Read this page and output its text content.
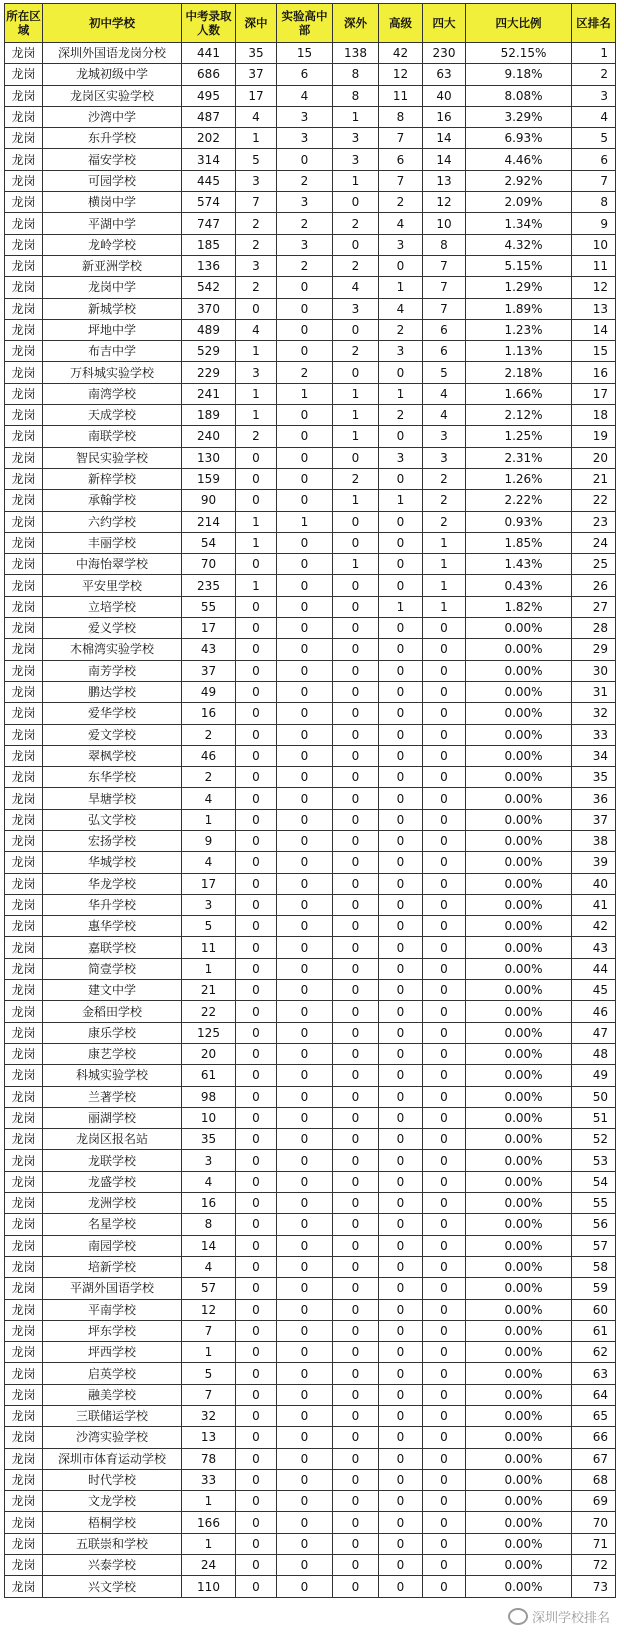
所在区域	初中学校	中考录取人数	深中	实验高中部	深外	高级	四大	四大比例	区排名
龙岗	深圳外国语龙岗分校	441	35	15	138	42	230	52.15%	1
龙岗	龙城初级中学	686	37	6	8	12	63	9.18%	2
龙岗	龙岗区实验学校	495	17	4	8	11	40	8.08%	3
龙岗	沙湾中学	487	4	3	1	8	16	3.29%	4
龙岗	东升学校	202	1	3	3	7	14	6.93%	5
龙岗	福安学校	314	5	0	3	6	14	4.46%	6
龙岗	可园学校	445	3	2	1	7	13	2.92%	7
龙岗	横岗中学	574	7	3	0	2	12	2.09%	8
龙岗	平湖中学	747	2	2	2	4	10	1.34%	9
龙岗	龙岭学校	185	2	3	0	3	8	4.32%	10
龙岗	新亚洲学校	136	3	2	2	0	7	5.15%	11
龙岗	龙岗中学	542	2	0	4	1	7	1.29%	12
龙岗	新城学校	370	0	0	3	4	7	1.89%	13
龙岗	坪地中学	489	4	0	0	2	6	1.23%	14
龙岗	布吉中学	529	1	0	2	3	6	1.13%	15
龙岗	万科城实验学校	229	3	2	0	0	5	2.18%	16
龙岗	南湾学校	241	1	1	1	1	4	1.66%	17
龙岗	天成学校	189	1	0	1	2	4	2.12%	18
龙岗	南联学校	240	2	0	1	0	3	1.25%	19
龙岗	智民实验学校	130	0	0	0	3	3	2.31%	20
龙岗	新梓学校	159	0	0	2	0	2	1.26%	21
龙岗	承翰学校	90	0	0	1	1	2	2.22%	22
龙岗	六约学校	214	1	1	0	0	2	0.93%	23
龙岗	丰丽学校	54	1	0	0	0	1	1.85%	24
龙岗	中海怡翠学校	70	0	0	1	0	1	1.43%	25
龙岗	平安里学校	235	1	0	0	0	1	0.43%	26
龙岗	立培学校	55	0	0	0	1	1	1.82%	27
龙岗	爱义学校	17	0	0	0	0	0	0.00%	28
龙岗	木棉湾实验学校	43	0	0	0	0	0	0.00%	29
龙岗	南芳学校	37	0	0	0	0	0	0.00%	30
龙岗	鹏达学校	49	0	0	0	0	0	0.00%	31
龙岗	爱华学校	16	0	0	0	0	0	0.00%	32
龙岗	爱文学校	2	0	0	0	0	0	0.00%	33
龙岗	翠枫学校	46	0	0	0	0	0	0.00%	34
龙岗	东华学校	2	0	0	0	0	0	0.00%	35
龙岗	旱塘学校	4	0	0	0	0	0	0.00%	36
龙岗	弘文学校	1	0	0	0	0	0	0.00%	37
龙岗	宏扬学校	9	0	0	0	0	0	0.00%	38
龙岗	华城学校	4	0	0	0	0	0	0.00%	39
龙岗	华龙学校	17	0	0	0	0	0	0.00%	40
龙岗	华升学校	3	0	0	0	0	0	0.00%	41
龙岗	惠华学校	5	0	0	0	0	0	0.00%	42
龙岗	嘉联学校	11	0	0	0	0	0	0.00%	43
龙岗	简壹学校	1	0	0	0	0	0	0.00%	44
龙岗	建文中学	21	0	0	0	0	0	0.00%	45
龙岗	金稻田学校	22	0	0	0	0	0	0.00%	46
龙岗	康乐学校	125	0	0	0	0	0	0.00%	47
龙岗	康艺学校	20	0	0	0	0	0	0.00%	48
龙岗	科城实验学校	61	0	0	0	0	0	0.00%	49
龙岗	兰著学校	98	0	0	0	0	0	0.00%	50
龙岗	丽湖学校	10	0	0	0	0	0	0.00%	51
龙岗	龙岗区报名站	35	0	0	0	0	0	0.00%	52
龙岗	龙联学校	3	0	0	0	0	0	0.00%	53
龙岗	龙盛学校	4	0	0	0	0	0	0.00%	54
龙岗	龙洲学校	16	0	0	0	0	0	0.00%	55
龙岗	名星学校	8	0	0	0	0	0	0.00%	56
龙岗	南园学校	14	0	0	0	0	0	0.00%	57
龙岗	培新学校	4	0	0	0	0	0	0.00%	58
龙岗	平湖外国语学校	57	0	0	0	0	0	0.00%	59
龙岗	平南学校	12	0	0	0	0	0	0.00%	60
龙岗	坪东学校	7	0	0	0	0	0	0.00%	61
龙岗	坪西学校	1	0	0	0	0	0	0.00%	62
龙岗	启英学校	5	0	0	0	0	0	0.00%	63
龙岗	融美学校	7	0	0	0	0	0	0.00%	64
龙岗	三联储运学校	32	0	0	0	0	0	0.00%	65
龙岗	沙湾实验学校	13	0	0	0	0	0	0.00%	66
龙岗	深圳市体育运动学校	78	0	0	0	0	0	0.00%	67
龙岗	时代学校	33	0	0	0	0	0	0.00%	68
龙岗	文龙学校	1	0	0	0	0	0	0.00%	69
龙岗	梧桐学校	166	0	0	0	0	0	0.00%	70
龙岗	五联崇和学校	1	0	0	0	0	0	0.00%	71
龙岗	兴泰学校	24	0	0	0	0	0	0.00%	72
龙岗	兴文学校	110	0	0	0	0	0	0.00%	73
深圳学校排名
